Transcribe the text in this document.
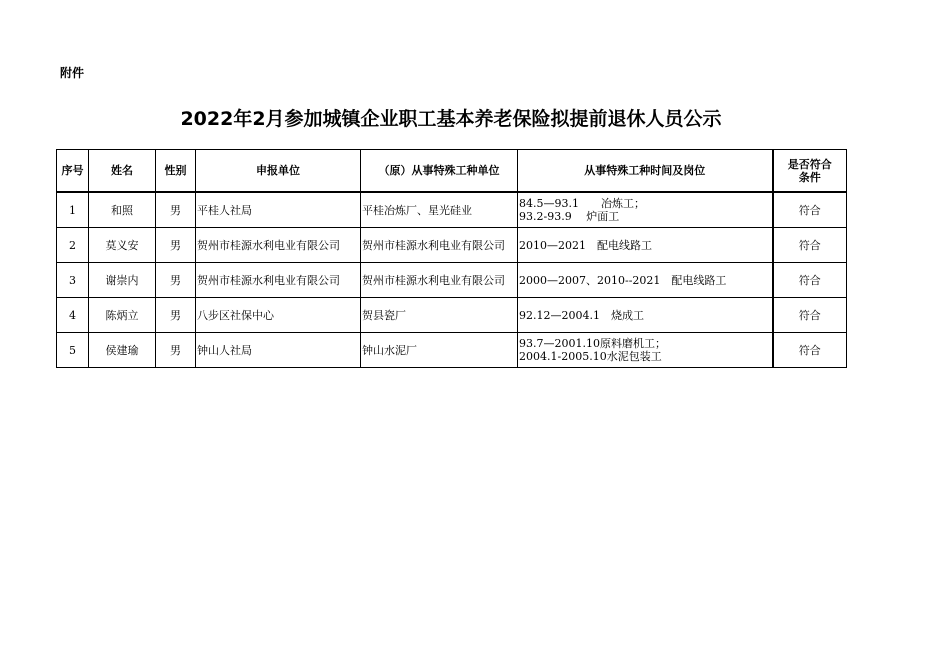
附件
2022年2月参加城镇企业职工基本养老保险拟提前退休人员公示
序号	姓名	性别	申报单位	（原）从事特殊工种单位	从事特殊工种时间及岗位	是否符合条件
1	和照	男	平桂人社局	平桂冶炼厂、星光硅业	84.5—93.1　　冶炼工；
93.2-93.9　 炉面工	符合
2	莫义安	男	贺州市桂源水利电业有限公司	贺州市桂源水利电业有限公司	2010—2021　配电线路工	符合
3	谢崇内	男	贺州市桂源水利电业有限公司	贺州市桂源水利电业有限公司	2000—2007、2010--2021　配电线路工	符合
4	陈炳立	男	八步区社保中心	贺县瓷厂	92.12—2004.1　烧成工	符合
5	侯建瑜	男	钟山人社局	钟山水泥厂	93.7—2001.10原料磨机工；
2004.1-2005.10水泥包装工	符合
